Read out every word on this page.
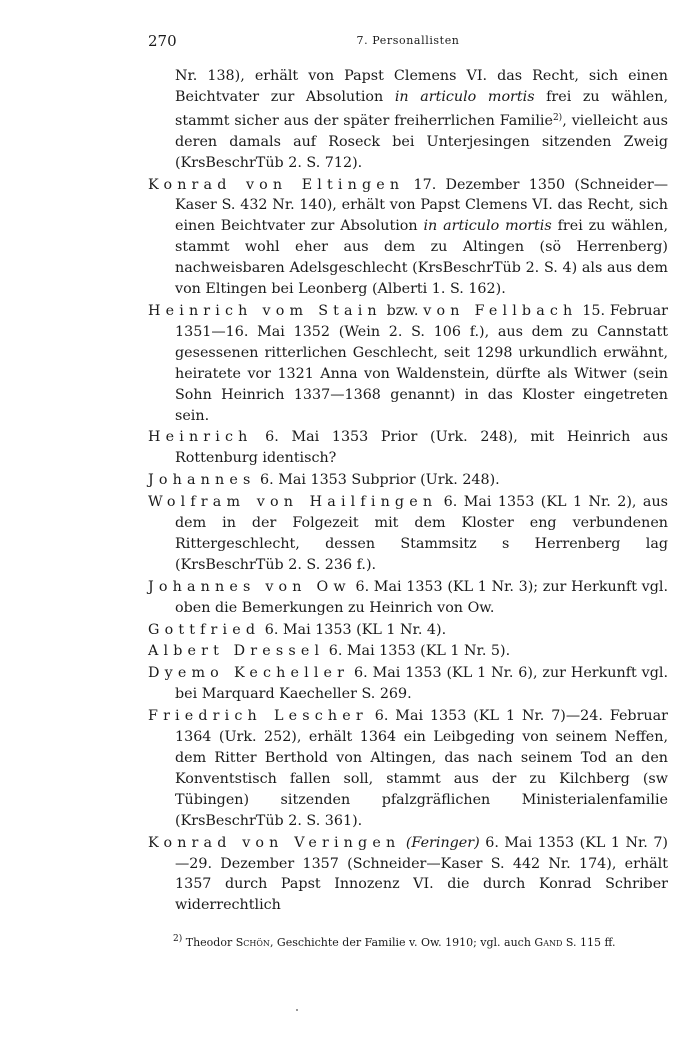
270	7. Personallisten

Nr. 138), erhält von Papst Clemens VI. das Recht, sich einen Beichtvater zur Absolution in articulo mortis frei zu wählen, stammt sicher aus der später freiherrlichen Familie$^{2)}$, vielleicht aus deren damals auf Roseck bei Unterjesingen sitzenden Zweig (KrsBeschrTüb 2. S. 712).

Konrad von Eltingen 17. Dezember 1350 (Schneider—Kaser S. 432 Nr. 140), erhält von Papst Clemens VI. das Recht, sich einen Beichtvater zur Absolution in articulo mortis frei zu wählen, stammt wohl eher aus dem zu Altingen (sö Herrenberg) nachweisbaren Adelsgeschlecht (KrsBeschrTüb 2. S. 4) als aus dem von Eltingen bei Leonberg (Alberti 1. S. 162).

Heinrich vom Stain bzw. von Fellbach 15. Februar 1351—16. Mai 1352 (Wein 2. S. 106 f.), aus dem zu Cannstatt gesessenen ritterlichen Geschlecht, seit 1298 urkundlich erwähnt, heiratete vor 1321 Anna von Waldenstein, dürfte als Witwer (sein Sohn Heinrich 1337—1368 genannt) in das Kloster eingetreten sein.

Heinrich 6. Mai 1353 Prior (Urk. 248), mit Heinrich aus Rottenburg identisch?

Johannes 6. Mai 1353 Subprior (Urk. 248).

Wolfram von Hailfingen 6. Mai 1353 (KL 1 Nr. 2), aus dem in der Folgezeit mit dem Kloster eng verbundenen Rittergeschlecht, dessen Stammsitz s Herrenberg lag (KrsBeschrTüb 2. S. 236 f.).

Johannes von Ow 6. Mai 1353 (KL 1 Nr. 3); zur Herkunft vgl. oben die Bemerkungen zu Heinrich von Ow.

Gottfried 6. Mai 1353 (KL 1 Nr. 4).

Albert Dressel 6. Mai 1353 (KL 1 Nr. 5).

Dyemo Kecheller 6. Mai 1353 (KL 1 Nr. 6), zur Herkunft vgl. bei Marquard Kaecheller S. 269.

Friedrich Lescher 6. Mai 1353 (KL 1 Nr. 7)—24. Februar 1364 (Urk. 252), erhält 1364 ein Leibgeding von seinem Neffen, dem Ritter Berthold von Altingen, das nach seinem Tod an den Konventstisch fallen soll, stammt aus der zu Kilchberg (sw Tübingen) sitzenden pfalzgräflichen Ministerialenfamilie (KrsBeschrTüb 2. S. 361).

Konrad von Veringen (Feringer) 6. Mai 1353 (KL 1 Nr. 7)—29. Dezember 1357 (Schneider—Kaser S. 442 Nr. 174), erhält 1357 durch Papst Innozenz VI. die durch Konrad Schriber widerrechtlich

$^{2)}$ Theodor Schön, Geschichte der Familie v. Ow. 1910; vgl. auch Gand S. 115 ff.
